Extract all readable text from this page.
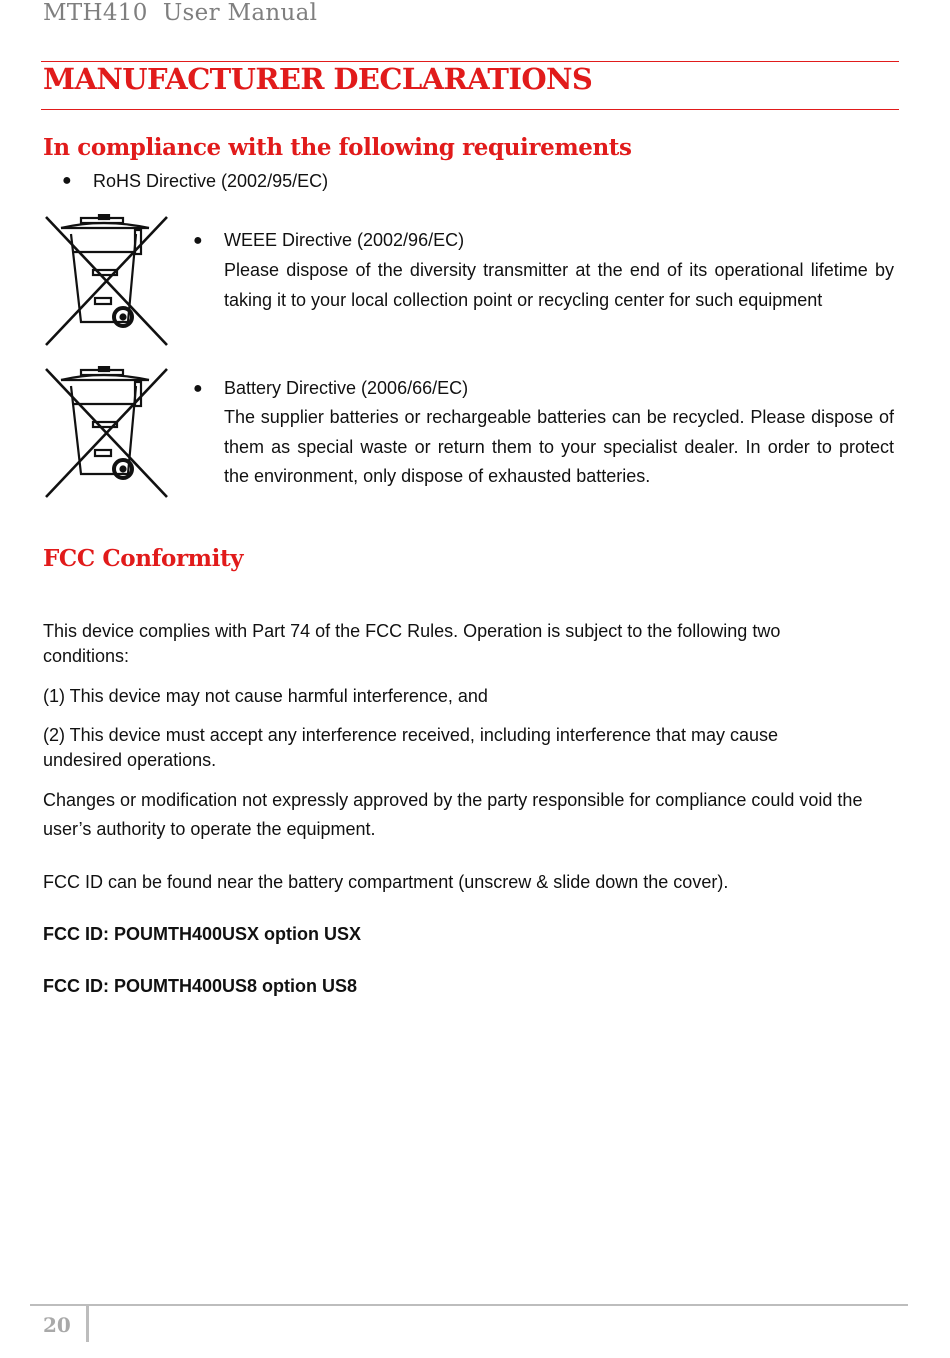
MTH410  User Manual
MANUFACTURER DECLARATIONS
In compliance with the following requirements
● RoHS Directive (2002/95/EC)
● WEEE Directive (2002/96/EC)
Please dispose of the diversity transmitter at the end of its operational lifetime by taking it to your local collection point or recycling center for such equipment
● Battery Directive (2006/66/EC)
The supplier batteries or rechargeable batteries can be recycled. Please dispose of them as special waste or return them to your specialist dealer. In order to protect the environment, only dispose of exhausted batteries.
FCC Conformity
This device complies with Part 74 of the FCC Rules. Operation is subject to the following two conditions:
(1) This device may not cause harmful interference, and
(2) This device must accept any interference received, including interference that may cause undesired operations.
Changes or modification not expressly approved by the party responsible for compliance could void the user’s authority to operate the equipment.
FCC ID can be found near the battery compartment (unscrew & slide down the cover).
FCC ID: POUMTH400USX option USX
FCC ID: POUMTH400US8 option US8
20
